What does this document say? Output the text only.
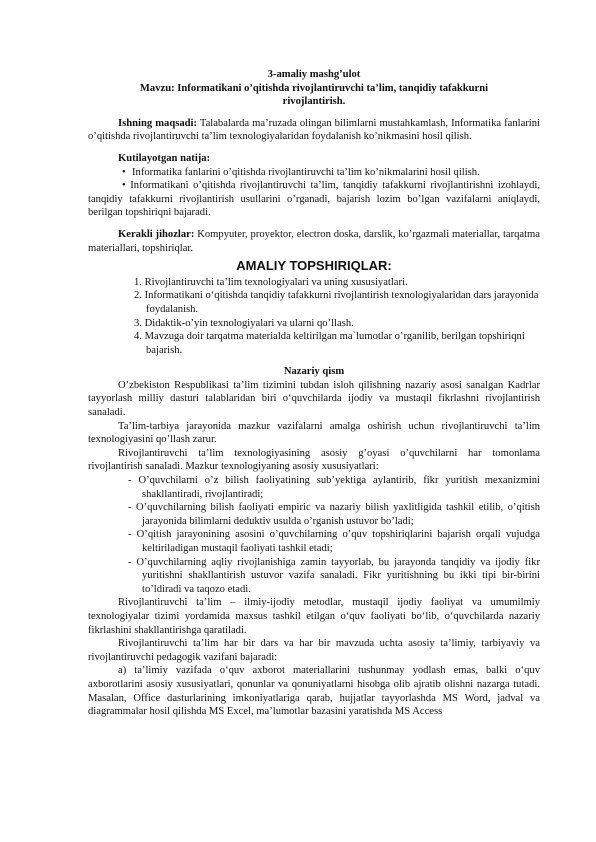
3-amaliy mashg’ulot

Mavzu: Informatikani o’qitishda rivojlantiruvchi ta’lim, tanqidiy tafakkurni rivojlantirish.

Ishning maqsadi: Talabalarda ma’ruzada olingan bilimlarni mustahkamlash, Informatika fanlarini o’qitishda rivojlantiruvchi ta’lim texnologiyalaridan foydalanish ko’nikmasini hosil qilish.

Kutilayotgan natija:

• Informatika fanlarini o’qitishda rivojlantiruvchi ta’lim ko’nikmalarini hosil qilish.

• Informatikani o’qitishda rivojlantiruvchi ta’lim, tanqidiy tafakkurni rivojlantirishni izohlaydi, tanqidiy tafakkurni rivojlantirish usullarini o’rganadi, bajarish lozim bo’lgan vazifalarni aniqlaydi, berilgan topshiriqni bajaradi.

Kerakli jihozlar: Kompyuter, proyektor, electron doska, darslik, ko’rgazmali materiallar, tarqatma materiallari, topshiriqlar.

AMALIY TOPSHIRIQLAR:

1. Rivojlantiruvchi ta’lim texnologiyalari va uning xususiyatlari.
2. Informatikani o‘qitishda tanqidiy tafakkurni rivojlantirish texnologiyalaridan dars jarayonida foydalanish.
3. Didaktik-o’yin texnologiyalari va ularni qo’llash.
4. Mavzuga doir tarqatma materialda keltirilgan ma`lumotlar o’rganilib, berilgan topshiriqni bajarish.

Nazariy qism

O’zbekiston Respublikasi ta’lim tizimini tubdan isloh qilishning nazariy asosi sanalgan Kadrlar tayyorlash milliy dasturi talablaridan biri o‘quvchilarda ijodiy va mustaqil fikrlashni rivojlantirish sanaladi.

Ta’lim-tarbiya jarayonida mazkur vazifalarni amalga oshirish uchun rivojlantiruvchi ta’lim texnologiyasini qo’llash zarur.

Rivojlantiruvchi ta’lim texnologiyasining asosiy g’oyasi o’quvchilarni har tomonlama rivojlantirish sanaladi. Mazkur texnologiyaning asosiy xususiyatlari:

- O’quvchilarni o’z bilish faoliyatining sub’yektiga aylantirib, fikr yuritish mexanizmini shakllantiradi, rivojlantiradi;

- O’quvchilarning bilish faoliyati empiric va nazariy bilish yaxlitligida tashkil etilib, o’qitish jarayonida bilimlarni deduktiv usulda o’rganish ustuvor bo’ladi;

- O’qitish jarayonining asosini o’quvchilarning o’quv topshiriqlarini bajarish orqali vujudga keltiriladigan mustaqil faoliyati tashkil etadi;

- O’quvchilarning aqliy rivojlanishiga zamin tayyorlab, bu jarayonda tanqidiy va ijodiy fikr yuritishni shakllantirish ustuvor vazifa sanaladi. Fikr yuritishning bu ikki tipi bir-birini to’ldiradi va taqozo etadi.

Rivojlantiruvchi ta’lim – ilmiy-ijodiy metodlar, mustaqil ijodiy faoliyat va umumilmiy texnologiyalar tizimi yordamida maxsus tashkil etilgan o‘quv faoliyati bo‘lib, o‘quvchilarda nazariy fikrlashini shakllantirishga qaratiladi.

Rivojlantiruvchi ta’lim har bir dars va har bir mavzuda uchta asosiy ta’limiy, tarbiyaviy va rivojlantiruvchi pedagogik vazifani bajaradi:

a) ta’limiy vazifada o‘quv axborot materiallarini tushunmay yodlash emas, balki o‘quv axborotlarini asosiy xususiyatlari, qonunlar va qonuniyatlarni hisobga olib ajratib olishni nazarga tutadi. Masalan, Office dasturlarining imkoniyatlariga qarab, hujjatlar tayyorlashda MS Word, jadval va diagrammalar hosil qilishda MS Excel, ma’lumotlar bazasini yaratishda MS Access
